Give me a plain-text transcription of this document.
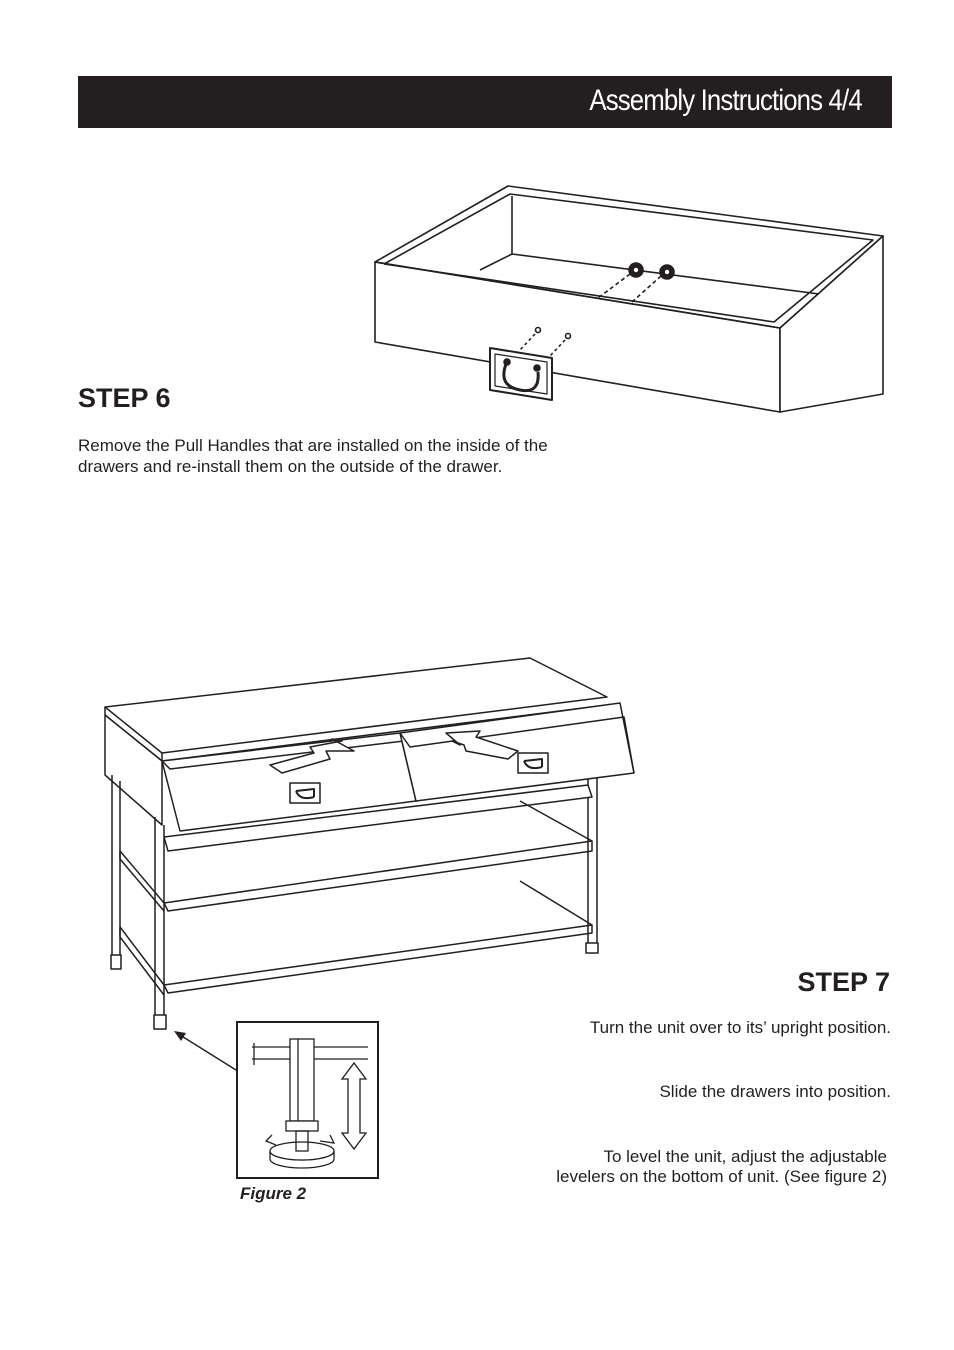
Assembly Instructions 4/4
STEP 6
Remove the Pull Handles that are installed on the inside of the
drawers and re-install them on the outside of the drawer.
Figure 2
STEP 7
Turn the unit over to its’ upright position.
Slide the drawers into position.
To level the unit, adjust the adjustable
levelers on the bottom of unit. (See figure 2)
